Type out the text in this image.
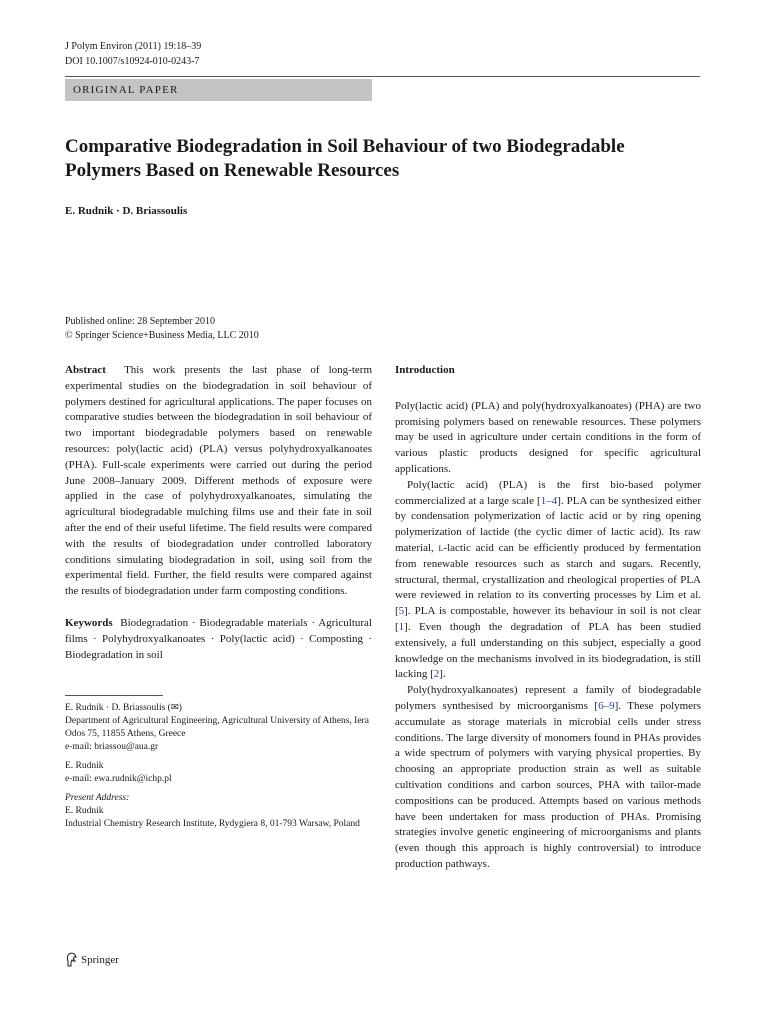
J Polym Environ (2011) 19:18–39
DOI 10.1007/s10924-010-0243-7
ORIGINAL PAPER
Comparative Biodegradation in Soil Behaviour of two Biodegradable Polymers Based on Renewable Resources
E. Rudnik · D. Briassoulis
Published online: 28 September 2010
© Springer Science+Business Media, LLC 2010

Abstract This work presents the last phase of long-term experimental studies on the biodegradation in soil behaviour of polymers destined for agricultural applications. The paper focuses on comparative studies between the biodegradation in soil behaviour of two important biodegradable polymers based on renewable resources: poly(lactic acid) (PLA) versus polyhydroxyalkanoates (PHA). Full-scale experiments were carried out during the period June 2008–January 2009. Different methods of exposure were applied in the case of polyhydroxyalkanoates, simulating the agricultural biodegradable mulching films use and their fate in soil after the end of their useful lifetime. The field results were compared with the results of biodegradation under controlled laboratory conditions simulating biodegradation in soil, using soil from the experimental field. Further, the field results were compared against the results of biodegradation under farm composting conditions.

Keywords Biodegradation · Biodegradable materials · Agricultural films · Polyhydroxyalkanoates · Poly(lactic acid) · Composting · Biodegradation in soil

E. Rudnik · D. Briassoulis (✉)
Department of Agricultural Engineering, Agricultural University of Athens, Iera Odos 75, 11855 Athens, Greece
e-mail: briassou@aua.gr

E. Rudnik
e-mail: ewa.rudnik@ichp.pl

Present Address:
E. Rudnik
Industrial Chemistry Research Institute, Rydygiera 8, 01-793 Warsaw, Poland

Introduction

Poly(lactic acid) (PLA) and poly(hydroxyalkanoates) (PHA) are two promising polymers based on renewable resources. These polymers may be used in agriculture under certain conditions in the form of various plastic products designed for specific agricultural applications.

Poly(lactic acid) (PLA) is the first bio-based polymer commercialized at a large scale [1–4]. PLA can be synthesized either by condensation polymerization of lactic acid or by ring opening polymerization of lactide (the cyclic dimer of lactic acid). Its raw material, L-lactic acid can be efficiently produced by fermentation from renewable resources such as starch and sugars. Recently, structural, thermal, crystallization and rheological properties of PLA were reviewed in relation to its converting processes by Lim et al. [5]. PLA is compostable, however its behaviour in soil is not clear [1]. Even though the degradation of PLA has been studied extensively, a full understanding on this subject, especially a good knowledge on the mechanisms involved in its biodegradation, is still lacking [2].

Poly(hydroxyalkanoates) represent a family of biodegradable polymers synthesised by microorganisms [6–9]. These polymers accumulate as storage materials in microbial cells under stress conditions. The large diversity of monomers found in PHAs provides a wide spectrum of polymers with varying physical properties. By choosing an appropriate production strain as well as suitable cultivation conditions and carbon sources, PHA with tailor-made compositions can be produced. Attempts based on various methods have been undertaken for mass production of PHAs. Promising strategies involve genetic engineering of microorganisms and plants (even though this approach is highly controversial) to introduce production pathways.

Springer
